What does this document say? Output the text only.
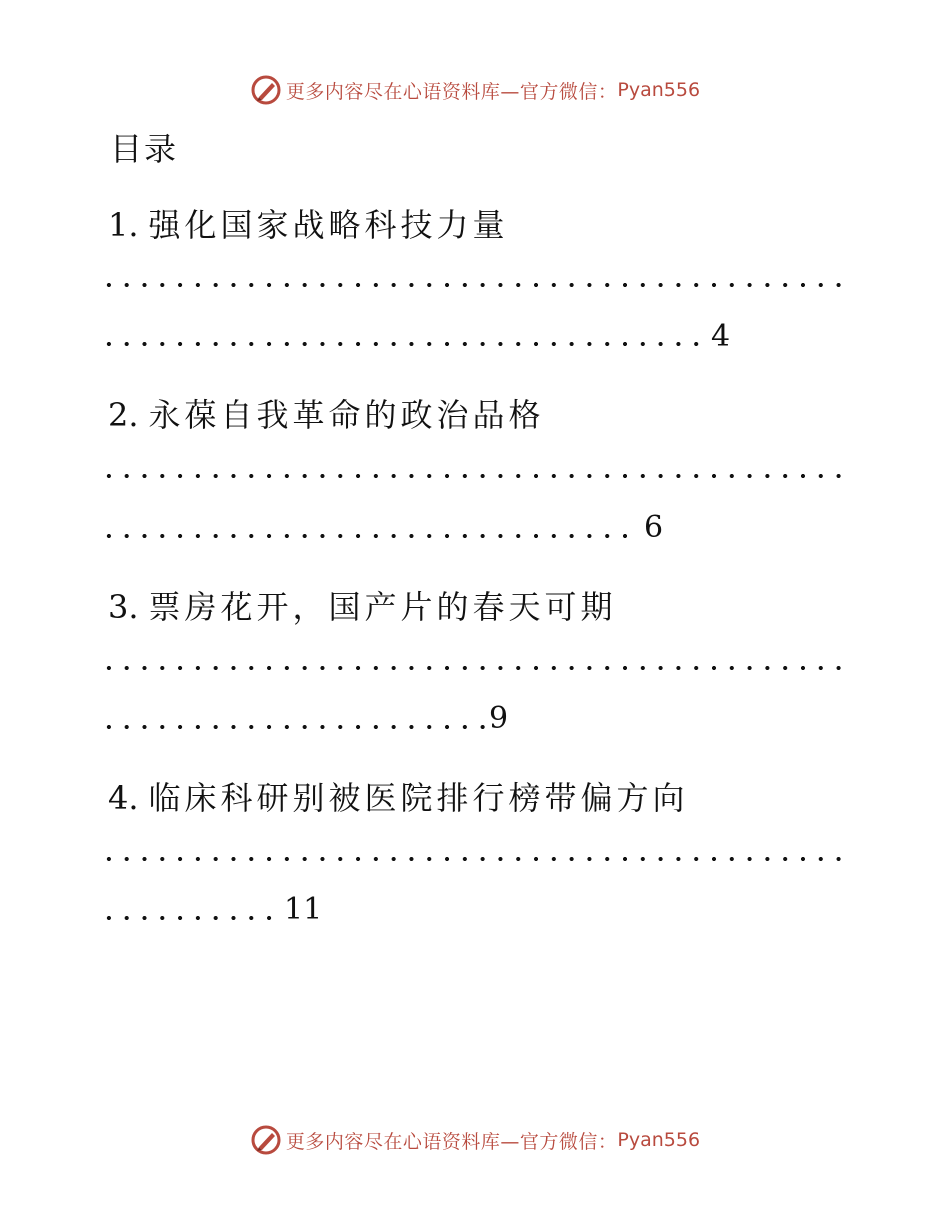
更多内容尽在心语资料库—官方微信： Pyan556
目录
1. 强化国家战略科技力量
4
2. 永葆自我革命的政治品格
6
3. 票房花开，国产片的春天可期
9
4. 临床科研别被医院排行榜带偏方向
11
更多内容尽在心语资料库—官方微信： Pyan556
